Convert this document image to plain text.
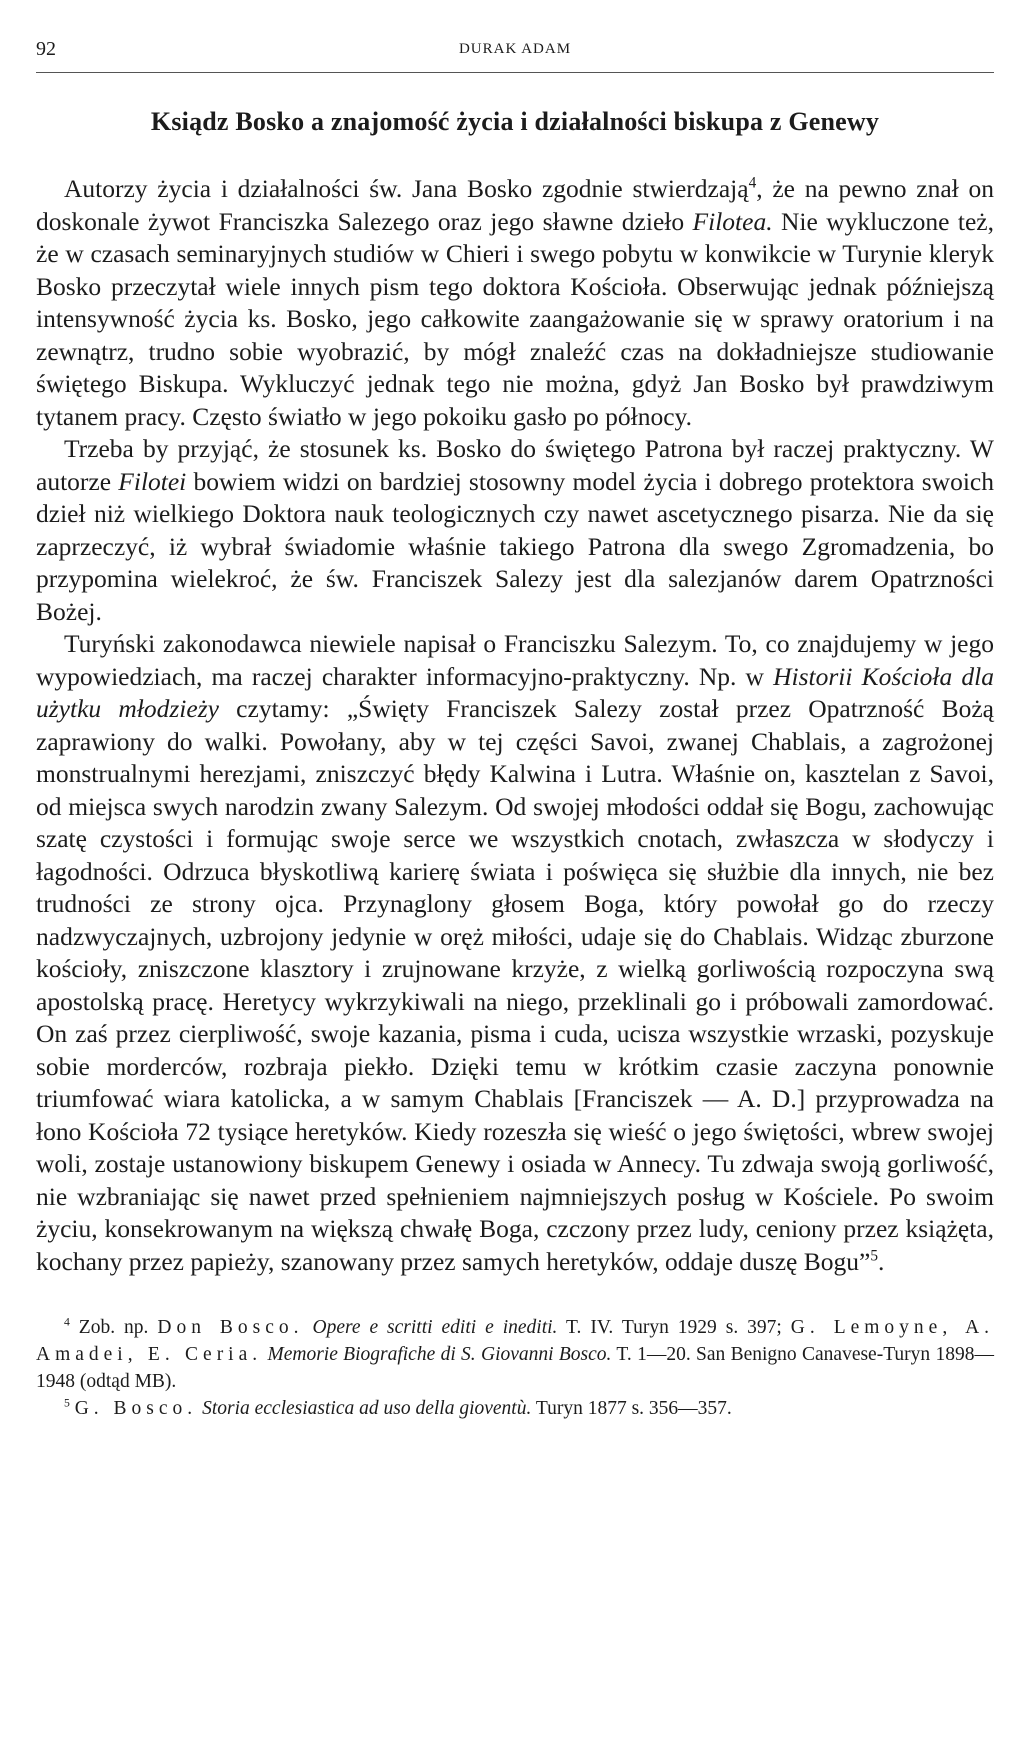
92	DURAK ADAM
Ksiądz Bosko a znajomość życia i działalności biskupa z Genewy

Autorzy życia i działalności św. Jana Bosko zgodnie stwierdzają$^4$, że na pewno znał on doskonale żywot Franciszka Salezego oraz jego sławne dzieło Filotea. Nie wykluczone też, że w czasach seminaryjnych studiów w Chieri i swego pobytu w konwikcie w Turynie kleryk Bosko przeczytał wiele innych pism tego doktora Kościoła. Obserwując jednak późniejszą intensywność życia ks. Bosko, jego całkowite zaangażowanie się w sprawy oratorium i na zewnątrz, trudno sobie wyobrazić, by mógł znaleźć czas na dokładniejsze studiowanie świętego Biskupa. Wykluczyć jednak tego nie można, gdyż Jan Bosko był prawdziwym tytanem pracy. Często światło w jego pokoiku gasło po północy.

Trzeba by przyjąć, że stosunek ks. Bosko do świętego Patrona był raczej praktyczny. W autorze Filotei bowiem widzi on bardziej stosowny model życia i dobrego protektora swoich dzieł niż wielkiego Doktora nauk teologicznych czy nawet ascetycznego pisarza. Nie da się zaprzeczyć, iż wybrał świadomie właśnie takiego Patrona dla swego Zgromadzenia, bo przypomina wielekroć, że św. Franciszek Salezy jest dla salezjanów darem Opatrzności Bożej.

Turyński zakonodawca niewiele napisał o Franciszku Salezym. To, co znajdujemy w jego wypowiedziach, ma raczej charakter informacyjno-praktyczny. Np. w Historii Kościoła dla użytku młodzieży czytamy: „Święty Franciszek Salezy został przez Opatrzność Bożą zaprawiony do walki. Powołany, aby w tej części Savoi, zwanej Chablais, a zagrożonej monstrualnymi herezjami, zniszczyć błędy Kalwina i Lutra. Właśnie on, kasztelan z Savoi, od miejsca swych narodzin zwany Salezym. Od swojej młodości oddał się Bogu, zachowując szatę czystości i formując swoje serce we wszystkich cnotach, zwłaszcza w słodyczy i łagodności. Odrzuca błyskotliwą karierę świata i poświęca się służbie dla innych, nie bez trudności ze strony ojca. Przynaglony głosem Boga, który powołał go do rzeczy nadzwyczajnych, uzbrojony jedynie w oręż miłości, udaje się do Chablais. Widząc zburzone kościoły, zniszczone klasztory i zrujnowane krzyże, z wielką gorliwością rozpoczyna swą apostolską pracę. Heretycy wykrzykiwali na niego, przeklinali go i próbowali zamordować. On zaś przez cierpliwość, swoje kazania, pisma i cuda, ucisza wszystkie wrzaski, pozyskuje sobie morderców, rozbraja piekło. Dzięki temu w krótkim czasie zaczyna ponownie triumfować wiara katolicka, a w samym Chablais [Franciszek — A. D.] przyprowadza na łono Kościoła 72 tysiące heretyków. Kiedy rozeszła się wieść o jego świętości, wbrew swojej woli, zostaje ustanowiony biskupem Genewy i osiada w Annecy. Tu zdwaja swoją gorliwość, nie wzbraniając się nawet przed spełnieniem najmniejszych posług w Kościele. Po swoim życiu, konsekrowanym na większą chwałę Boga, czczony przez ludy, ceniony przez książęta, kochany przez papieży, szanowany przez samych heretyków, oddaje duszę Bogu”$^5$.

$^4$ Zob. np. Don Bosco. Opere e scritti editi e inediti. T. IV. Turyn 1929 s. 397; G. Lemoyne, A. Amadei, E. Ceria. Memorie Biografiche di S. Giovanni Bosco. T. 1—20. San Benigno Canavese-Turyn 1898—1948 (odtąd MB).

$^5$ G. Bosco. Storia ecclesiastica ad uso della gioventù. Turyn 1877 s. 356—357.
